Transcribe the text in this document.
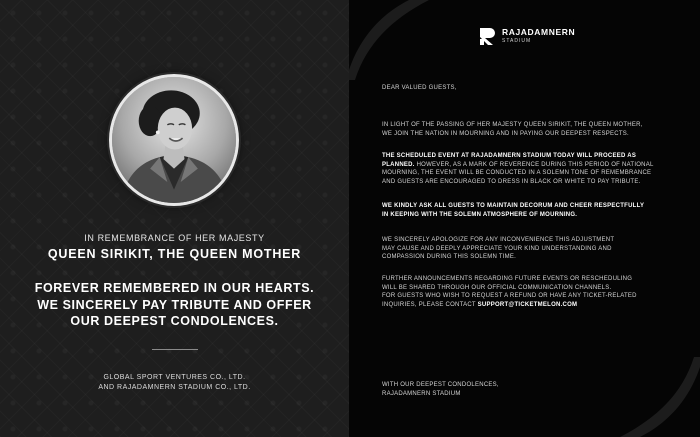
IN REMEMBRANCE OF HER MAJESTY
QUEEN SIRIKIT, THE QUEEN MOTHER
FOREVER REMEMBERED IN OUR HEARTS.
WE SINCERELY PAY TRIBUTE AND OFFER
OUR DEEPEST CONDOLENCES.
GLOBAL SPORT VENTURES CO., LTD.
AND RAJADAMNERN STADIUM CO., LTD.
RAJADAMNERN
STADIUM
DEAR VALUED GUESTS,
IN LIGHT OF THE PASSING OF HER MAJESTY QUEEN SIRIKIT, THE QUEEN MOTHER,
WE JOIN THE NATION IN MOURNING AND IN PAYING OUR DEEPEST RESPECTS.
THE SCHEDULED EVENT AT RAJADAMNERN STADIUM TODAY WILL PROCEED AS
PLANNED. HOWEVER, AS A MARK OF REVERENCE DURING THIS PERIOD OF NATIONAL
MOURNING, THE EVENT WILL BE CONDUCTED IN A SOLEMN TONE OF REMEMBRANCE
AND GUESTS ARE ENCOURAGED TO DRESS IN BLACK OR WHITE TO PAY TRIBUTE.
WE KINDLY ASK ALL GUESTS TO MAINTAIN DECORUM AND CHEER RESPECTFULLY
IN KEEPING WITH THE SOLEMN ATMOSPHERE OF MOURNING.
WE SINCERELY APOLOGIZE FOR ANY INCONVENIENCE THIS ADJUSTMENT
MAY CAUSE AND DEEPLY APPRECIATE YOUR KIND UNDERSTANDING AND
COMPASSION DURING THIS SOLEMN TIME.
FURTHER ANNOUNCEMENTS REGARDING FUTURE EVENTS OR RESCHEDULING
WILL BE SHARED THROUGH OUR OFFICIAL COMMUNICATION CHANNELS.
FOR GUESTS WHO WISH TO REQUEST A REFUND OR HAVE ANY TICKET-RELATED
INQUIRIES, PLEASE CONTACT SUPPORT@TICKETMELON.COM
WITH OUR DEEPEST CONDOLENCES,
RAJADAMNERN STADIUM
